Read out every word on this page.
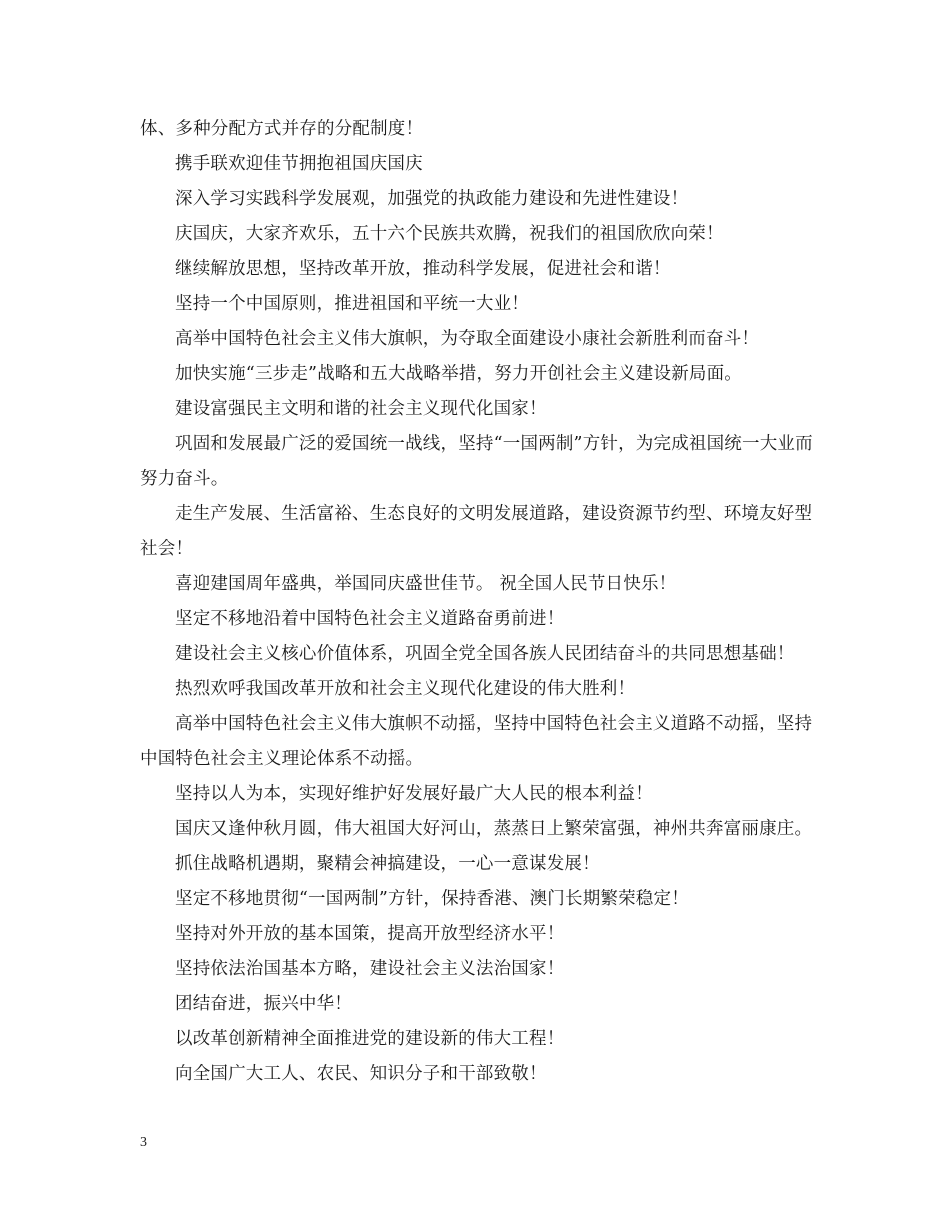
体、多种分配方式并存的分配制度！

携手联欢迎佳节拥抱祖国庆国庆

深入学习实践科学发展观，加强党的执政能力建设和先进性建设！

庆国庆，大家齐欢乐，五十六个民族共欢腾，祝我们的祖国欣欣向荣！

继续解放思想，坚持改革开放，推动科学发展，促进社会和谐！

坚持一个中国原则，推进祖国和平统一大业！

高举中国特色社会主义伟大旗帜，为夺取全面建设小康社会新胜利而奋斗！

加快实施“三步走”战略和五大战略举措，努力开创社会主义建设新局面。

建设富强民主文明和谐的社会主义现代化国家！

巩固和发展最广泛的爱国统一战线，坚持“一国两制”方针，为完成祖国统一大业而努力奋斗。

走生产发展、生活富裕、生态良好的文明发展道路，建设资源节约型、环境友好型社会！

喜迎建国周年盛典，举国同庆盛世佳节。 祝全国人民节日快乐！

坚定不移地沿着中国特色社会主义道路奋勇前进！

建设社会主义核心价值体系，巩固全党全国各族人民团结奋斗的共同思想基础！

热烈欢呼我国改革开放和社会主义现代化建设的伟大胜利！

高举中国特色社会主义伟大旗帜不动摇，坚持中国特色社会主义道路不动摇，坚持中国特色社会主义理论体系不动摇。

坚持以人为本，实现好维护好发展好最广大人民的根本利益！

国庆又逢仲秋月圆，伟大祖国大好河山，蒸蒸日上繁荣富强，神州共奔富丽康庄。

抓住战略机遇期，聚精会神搞建设，一心一意谋发展！

坚定不移地贯彻“一国两制”方针，保持香港、澳门长期繁荣稳定！

坚持对外开放的基本国策，提高开放型经济水平！

坚持依法治国基本方略，建设社会主义法治国家！

团结奋进，振兴中华！

以改革创新精神全面推进党的建设新的伟大工程！

向全国广大工人、农民、知识分子和干部致敬！

3
